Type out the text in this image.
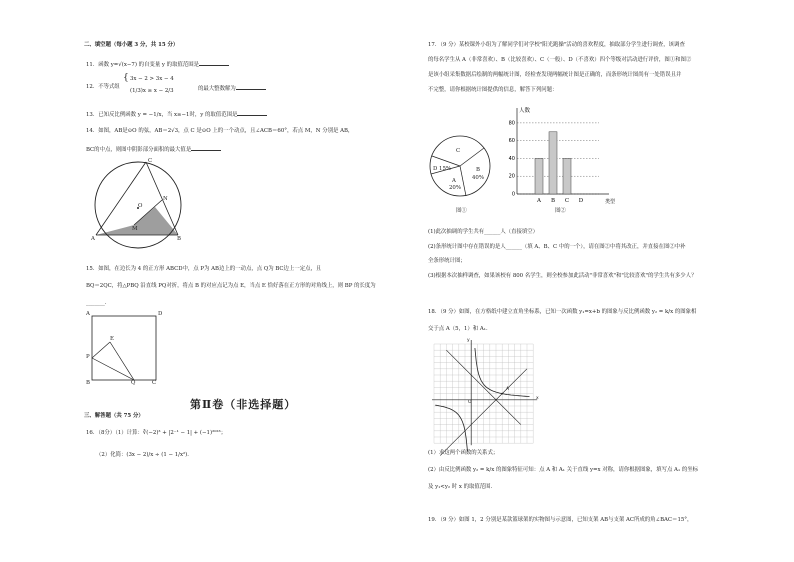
二、填空题（每小题 3 分，共 15 分）
11．函数 y=√(x−7) 的自变量 y 的取值范围是
12．不等式组
{ 3x − 2 > 3x − 4
(1/3)x ≥ x − 2/3	的最大整数解为
13．已知反比例函数 y = −1/x，当 x≥−1时，y 的取值范围是
14．如图，AB是⊙O 的弦，AB＝2√3，点 C 是⊙O 上的一个动点，且∠ACB＝60°，若点 M，N 分别是 AB，
BC的中点，则图中阴影部分面积的最大值是
C
O
N
A
M
B
15．如图，在边长为 4 的正方形 ABCD中，点 P为 AB边上的一动点，点 Q为 BC边上一定点，且
BQ＝2QC，将△PBQ 沿直线 PQ对折，将点 B 的对应点记为点 E，当点 E 恰好落在正方形的对角线上，则 BP 的长度为
_______．
A	D
E
P
B	Q	C
第Ⅱ卷（非选择题）
三、解答题（共 75 分）
16．（8分）（1）计算：∛(−2)³ + |2⁻¹ − 1| + (−1)²⁰²³；
（2）化简：(3x − 2)/x ÷ (1 − 1/x²)．
17．（9 分）某校课外小组为了解同学们对学校"阳光跑操"活动的喜欢程度，抽取部分学生进行调查，该调查
的每名学生从 A（非常喜欢）、B（比较喜欢）、C（一般）、D（不喜欢）四个等级对活动进行评价，图①和图②
是该小组采集数据后绘制的两幅统计图，经检查发现两幅统计图是正确的，而条形统计图尚有一处错误且并
不完整，请你根据统计图提供的信息，解答下列问题：
C
D 15%
A
20%
B
40%
图①
0
20
40
60
80
人数
类型
A B C D
图②
(1)此次抽调的学生共有______人（直接填空）
(2)条形统计图中存在错误的是人______（填 A、B、C 中的一个），请在图②中将其改正，并直接在图②中补
全条形统计图；
(3)根据本次抽样调查，如果该校有 800 名学生，则全校参加此活动"非常喜欢"和"比较喜欢"的学生共有多少人？
18．（9 分）如图，在方格纸中建立直角坐标系，已知一次函数 y₁=x+b 的图象与反比例函数 y₂ = k/x 的图象相
交于点 A（5，1）和 A₁．
x
y
A
O
(1）求这两个函数的关系式；
(2）由反比例函数 y₂ = k/x 的图象特征可知：点 A 和 A₁ 关于直线 y=x 对称，请你根据图象，填写点 A₁ 的坐标
及 y₁<y₂ 时 x 的取值范围．
19．（9 分）如图 1，2 分别是某款篮球架的实物图与示意图，已知支架 AB与支架 AC所成的角∠BAC＝15°，
